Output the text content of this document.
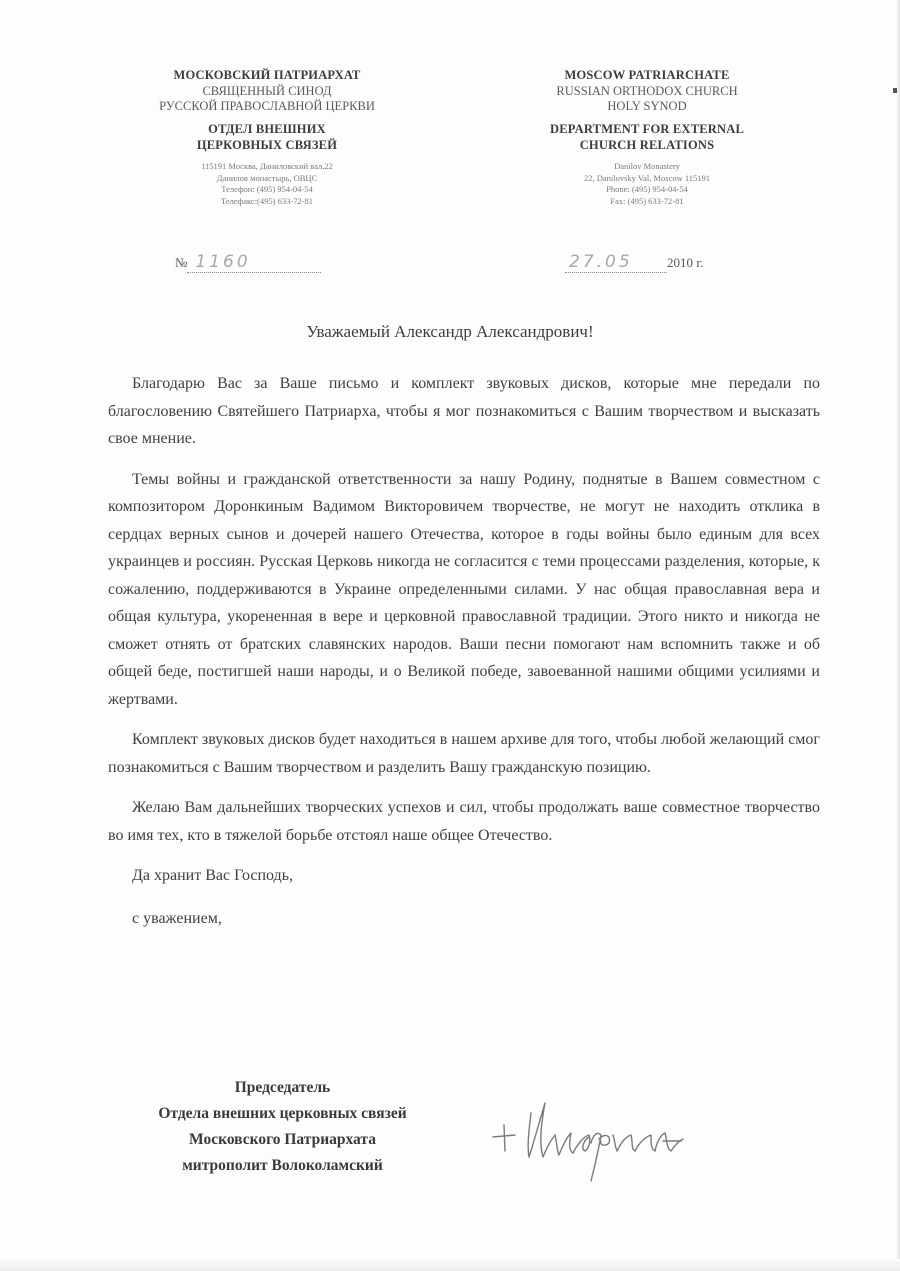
МОСКОВСКИЙ ПАТРИАРХАТ
СВЯЩЕННЫЙ СИНОД
РУССКОЙ ПРАВОСЛАВНОЙ ЦЕРКВИ
ОТДЕЛ ВНЕШНИХ
ЦЕРКОВНЫХ СВЯЗЕЙ
115191 Москва, Даниловский вал,22
Данилов монастырь, ОВЦС
Телефон: (495) 954-04-54
Телефакс:(495) 633-72-81
MOSCOW PATRIARCHATE
RUSSIAN ORTHODOX CHURCH
HOLY SYNOD
DEPARTMENT FOR EXTERNAL
CHURCH RELATIONS
Danilov Monastery
22, Danilovsky Val, Moscow 115191
Phone: (495) 954-04-54
Fax: (495) 633-72-81
№ 1160	27.05	2010 г.
Уважаемый Александр Александрович!

Благодарю Вас за Ваше письмо и комплект звуковых дисков, которые мне передали по благословению Святейшего Патриарха, чтобы я мог познакомиться с Вашим творчеством и высказать свое мнение.

Темы войны и гражданской ответственности за нашу Родину, поднятые в Вашем совместном с композитором Доронкиным Вадимом Викторовичем творчестве, не могут не находить отклика в сердцах верных сынов и дочерей нашего Отечества, которое в годы войны было единым для всех украинцев и россиян. Русская Церковь никогда не согласится с теми процессами разделения, которые, к сожалению, поддерживаются в Украине определенными силами. У нас общая православная вера и общая культура, укорененная в вере и церковной православной традиции. Этого никто и никогда не сможет отнять от братских славянских народов. Ваши песни помогают нам вспомнить также и об общей беде, постигшей наши народы, и о Великой победе, завоеванной нашими общими усилиями и жертвами.

Комплект звуковых дисков будет находиться в нашем архиве для того, чтобы любой желающий смог познакомиться с Вашим творчеством и разделить Вашу гражданскую позицию.

Желаю Вам дальнейших творческих успехов и сил, чтобы продолжать ваше совместное творчество во имя тех, кто в тяжелой борьбе отстоял наше общее Отечество.

Да хранит Вас Господь,

с уважением,

Председатель
Отдела внешних церковных связей
Московского Патриархата
митрополит Волоколамский
